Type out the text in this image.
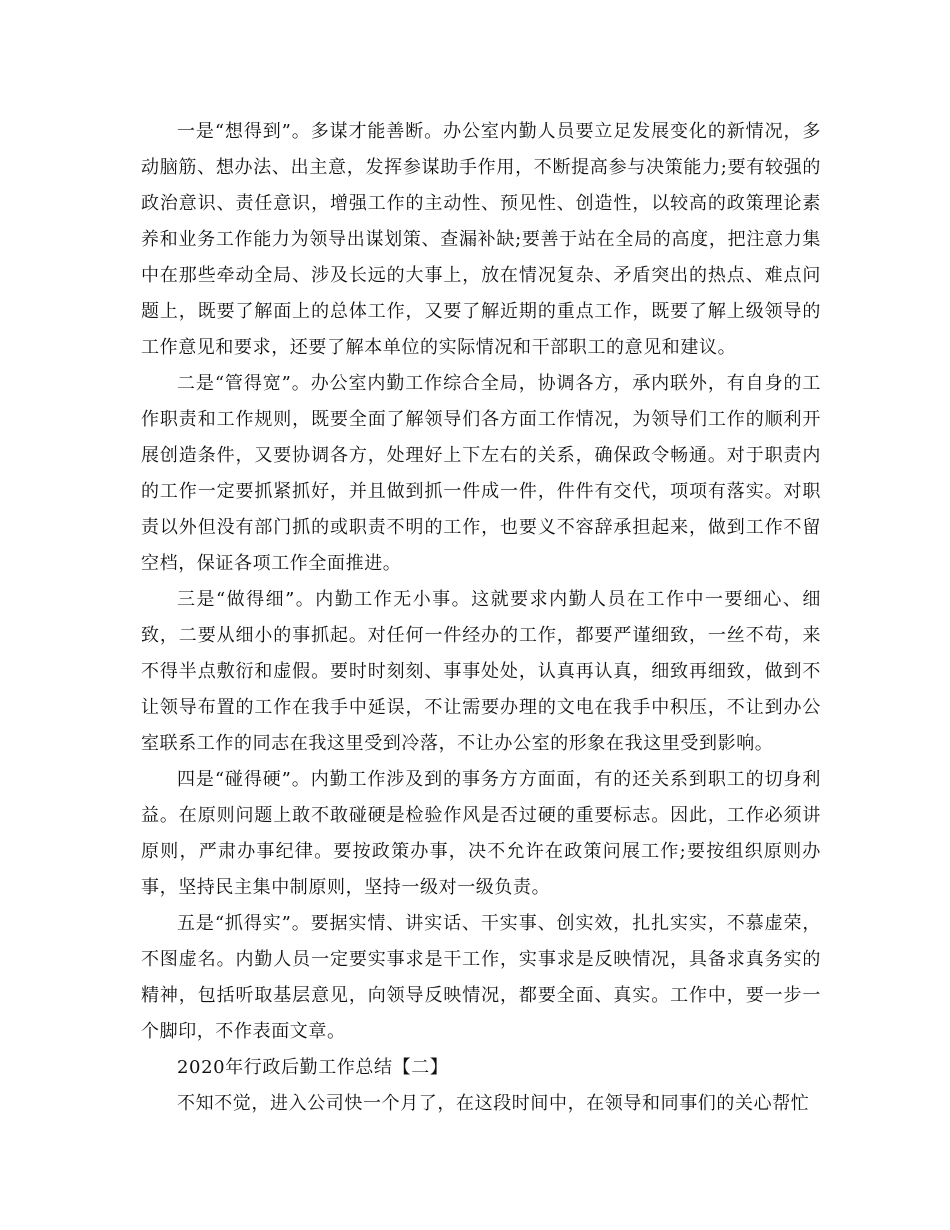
一是“想得到”。多谋才能善断。办公室内勤人员要立足发展变化的新情况，多动脑筋、想办法、出主意，发挥参谋助手作用，不断提高参与决策能力;要有较强的政治意识、责任意识，增强工作的主动性、预见性、创造性，以较高的政策理论素养和业务工作能力为领导出谋划策、查漏补缺;要善于站在全局的高度，把注意力集中在那些牵动全局、涉及长远的大事上，放在情况复杂、矛盾突出的热点、难点问题上，既要了解面上的总体工作，又要了解近期的重点工作，既要了解上级领导的工作意见和要求，还要了解本单位的实际情况和干部职工的意见和建议。

二是“管得宽”。办公室内勤工作综合全局，协调各方，承内联外，有自身的工作职责和工作规则，既要全面了解领导们各方面工作情况，为领导们工作的顺利开展创造条件，又要协调各方，处理好上下左右的关系，确保政令畅通。对于职责内的工作一定要抓紧抓好，并且做到抓一件成一件，件件有交代，项项有落实。对职责以外但没有部门抓的或职责不明的工作，也要义不容辞承担起来，做到工作不留空档，保证各项工作全面推进。

三是“做得细”。内勤工作无小事。这就要求内勤人员在工作中一要细心、细致，二要从细小的事抓起。对任何一件经办的工作，都要严谨细致，一丝不苟，来不得半点敷衍和虚假。要时时刻刻、事事处处，认真再认真，细致再细致，做到不让领导布置的工作在我手中延误，不让需要办理的文电在我手中积压，不让到办公室联系工作的同志在我这里受到冷落，不让办公室的形象在我这里受到影响。

四是“碰得硬”。内勤工作涉及到的事务方方面面，有的还关系到职工的切身利益。在原则问题上敢不敢碰硬是检验作风是否过硬的重要标志。因此，工作必须讲原则，严肃办事纪律。要按政策办事，决不允许在政策问展工作;要按组织原则办事，坚持民主集中制原则，坚持一级对一级负责。

五是“抓得实”。要据实情、讲实话、干实事、创实效，扎扎实实，不慕虚荣，不图虚名。内勤人员一定要实事求是干工作，实事求是反映情况，具备求真务实的精神，包括听取基层意见，向领导反映情况，都要全面、真实。工作中，要一步一个脚印，不作表面文章。

2020年行政后勤工作总结【二】

不知不觉，进入公司快一个月了，在这段时间中，在领导和同事们的关心帮忙
